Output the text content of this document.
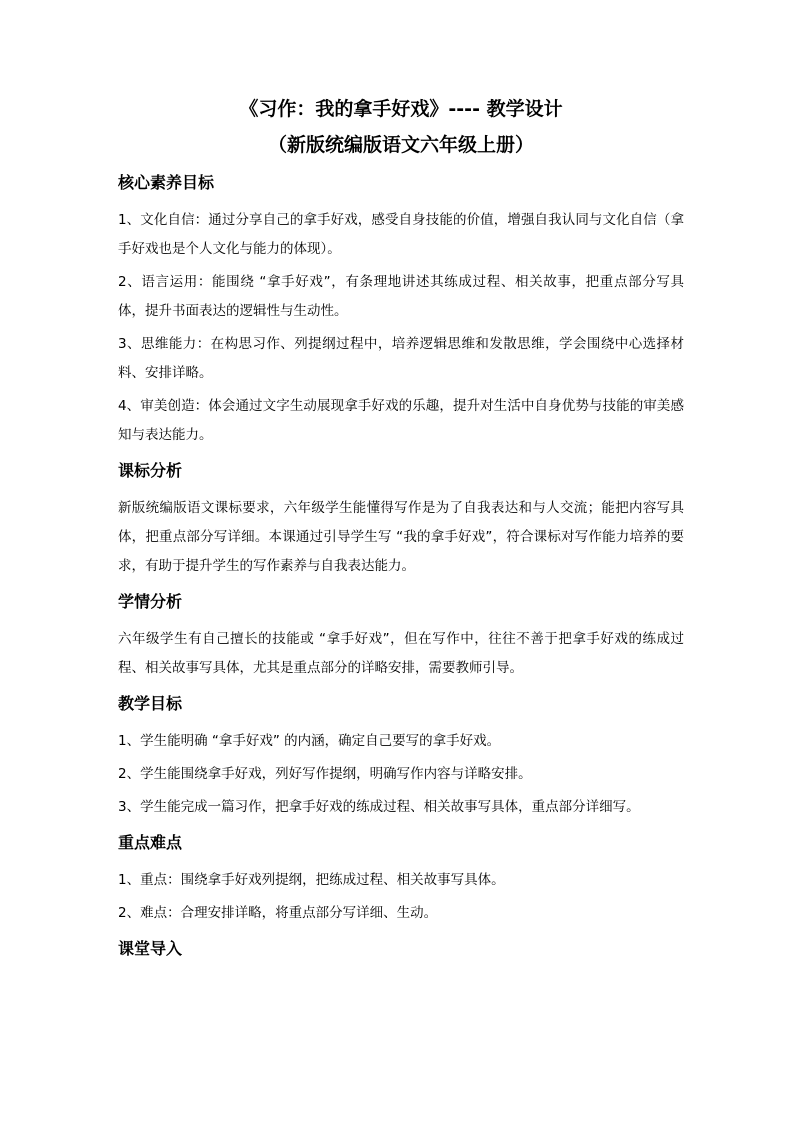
《习作：我的拿手好戏》---- 教学设计
（新版统编版语文六年级上册）
核心素养目标
1、文化自信：通过分享自己的拿手好戏，感受自身技能的价值，增强自我认同与文化自信（拿手好戏也是个人文化与能力的体现）。
2、语言运用：能围绕 “拿手好戏”，有条理地讲述其练成过程、相关故事，把重点部分写具体，提升书面表达的逻辑性与生动性。
3、思维能力：在构思习作、列提纲过程中，培养逻辑思维和发散思维，学会围绕中心选择材料、安排详略。
4、审美创造：体会通过文字生动展现拿手好戏的乐趣，提升对生活中自身优势与技能的审美感知与表达能力。
课标分析
新版统编版语文课标要求，六年级学生能懂得写作是为了自我表达和与人交流；能把内容写具体，把重点部分写详细。本课通过引导学生写 “我的拿手好戏”，符合课标对写作能力培养的要求，有助于提升学生的写作素养与自我表达能力。
学情分析
六年级学生有自己擅长的技能或 “拿手好戏”，但在写作中，往往不善于把拿手好戏的练成过程、相关故事写具体，尤其是重点部分的详略安排，需要教师引导。
教学目标
1、学生能明确 “拿手好戏” 的内涵，确定自己要写的拿手好戏。
2、学生能围绕拿手好戏，列好写作提纲，明确写作内容与详略安排。
3、学生能完成一篇习作，把拿手好戏的练成过程、相关故事写具体，重点部分详细写。
重点难点
1、重点：围绕拿手好戏列提纲，把练成过程、相关故事写具体。
2、难点：合理安排详略，将重点部分写详细、生动。
课堂导入
